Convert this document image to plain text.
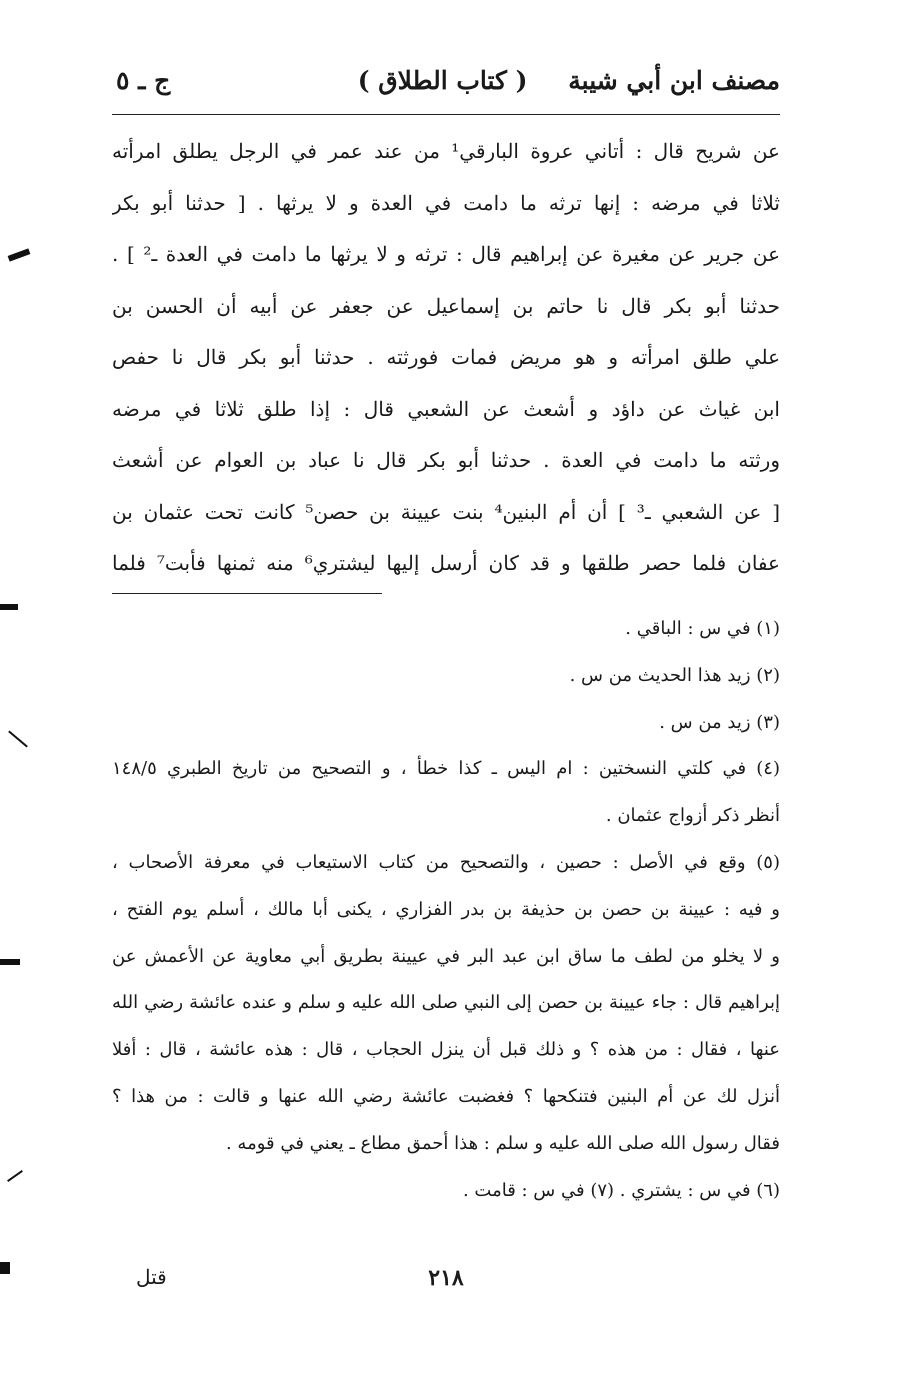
مصنف ابن أبي شيبة
( كتاب الطلاق )
ج ـ ٥
عن شريح قال : أتاني عروة البارقي¹ من عند عمر في الرجل يطلق امرأته
ثلاثا في مرضه : إنها ترثه ما دامت في العدة و لا يرثها . [ حدثنا أبو بكر
عن جرير عن مغيرة عن إبراهيم قال : ترثه و لا يرثها ما دامت في العدة ـ² ] .
حدثنا أبو بكر قال نا حاتم بن إسماعيل عن جعفر عن أبيه أن الحسن بن
علي طلق امرأته و هو مريض فمات فورثته . حدثنا أبو بكر قال نا حفص
ابن غياث عن داؤد و أشعث عن الشعبي قال : إذا طلق ثلاثا في مرضه
ورثته ما دامت في العدة . حدثنا أبو بكر قال نا عباد بن العوام عن أشعث
[ عن الشعبي ـ³ ] أن أم البنين⁴ بنت عيينة بن حصن⁵ كانت تحت عثمان بن
عفان فلما حصر طلقها و قد كان أرسل إليها ليشتري⁶ منه ثمنها فأبت⁷ فلما
(١) في س : الباقي .
(٢) زيد هذا الحديث من س .
(٣) زيد من س .
(٤) في كلتي النسختين : ام اليس ـ كذا خطأ ، و التصحيح من تاريخ الطبري ١٤٨/٥
أنظر ذكر أزواج عثمان .
(٥) وقع في الأصل : حصين ، والتصحيح من كتاب الاستيعاب في معرفة الأصحاب ،
و فيه : عيينة بن حصن بن حذيفة بن بدر الفزاري ، يكنى أبا مالك ، أسلم يوم الفتح ،
و لا يخلو من لطف ما ساق ابن عبد البر في عيينة بطريق أبي معاوية عن الأعمش عن
إبراهيم قال : جاء عيينة بن حصن إلى النبي صلى الله عليه و سلم و عنده عائشة رضي الله
عنها ، فقال : من هذه ؟ و ذلك قبل أن ينزل الحجاب ، قال : هذه عائشة ، قال : أفلا
أنزل لك عن أم البنين فتنكحها ؟ فغضبت عائشة رضي الله عنها و قالت : من هذا ؟
فقال رسول الله صلى الله عليه و سلم : هذا أحمق مطاع ـ يعني في قومه .
(٦) في س : يشتري . (٧) في س : قامت .
٢١٨
قتل
